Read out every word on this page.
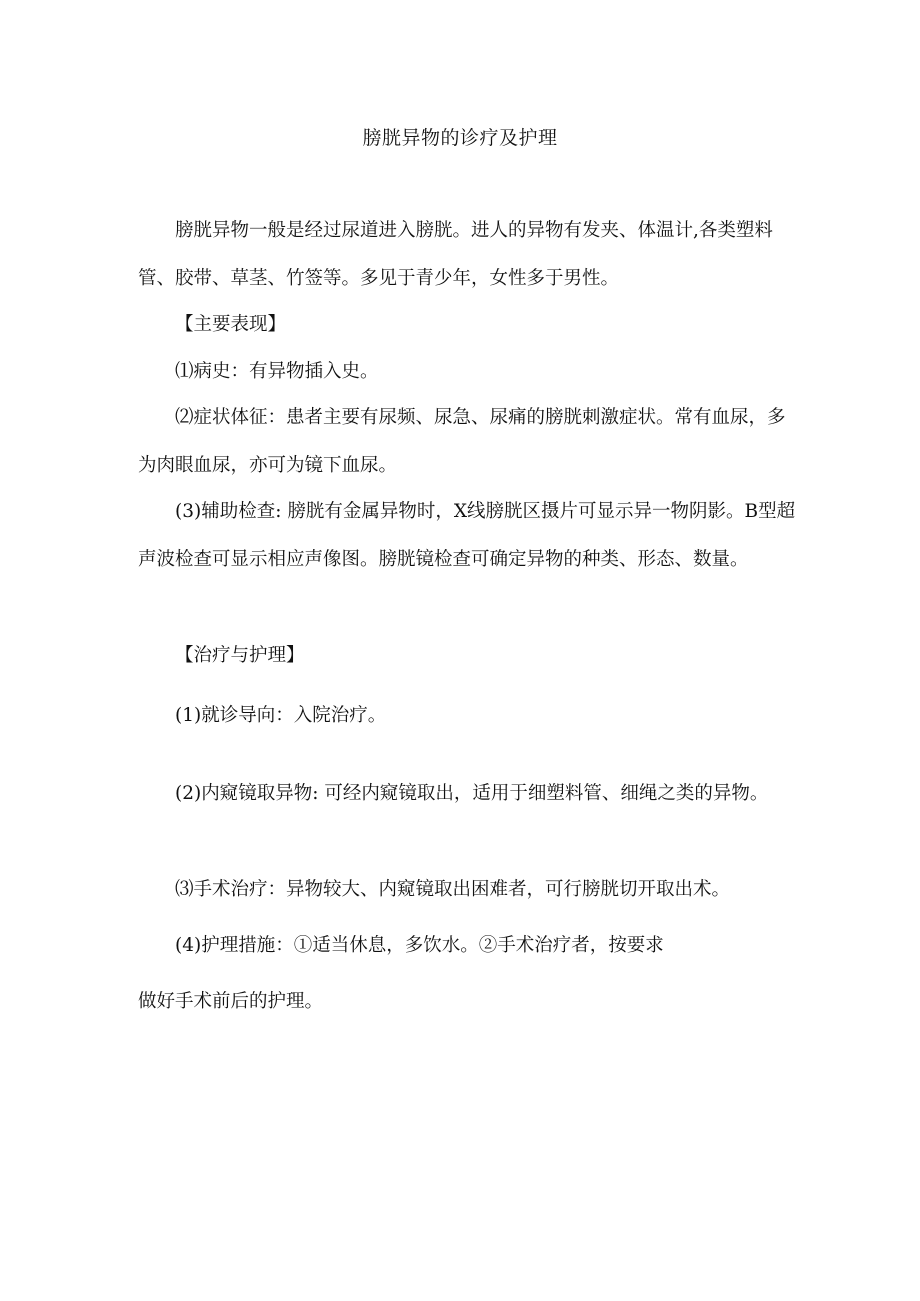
膀胱异物的诊疗及护理

膀胱异物一般是经过尿道进入膀胱。进人的异物有发夹、体温计,各类塑料管、胶带、草茎、竹签等。多见于青少年，女性多于男性。

【主要表现】

⑴病史：有异物插入史。

⑵症状体征：患者主要有尿频、尿急、尿痛的膀胱刺激症状。常有血尿，多为肉眼血尿，亦可为镜下血尿。

(3)辅助检查: 膀胱有金属异物时，X线膀胱区摄片可显示异一物阴影。B型超声波检查可显示相应声像图。膀胱镜检查可确定异物的种类、形态、数量。

【治疗与护理】

(1)就诊导向：入院治疗。

(2)内窥镜取异物: 可经内窥镜取出，适用于细塑料管、细绳之类的异物。

⑶手术治疗：异物较大、内窥镜取出困难者，可行膀胱切开取出术。

(4)护理措施：①适当休息，多饮水。②手术治疗者，按要求

做好手术前后的护理。
